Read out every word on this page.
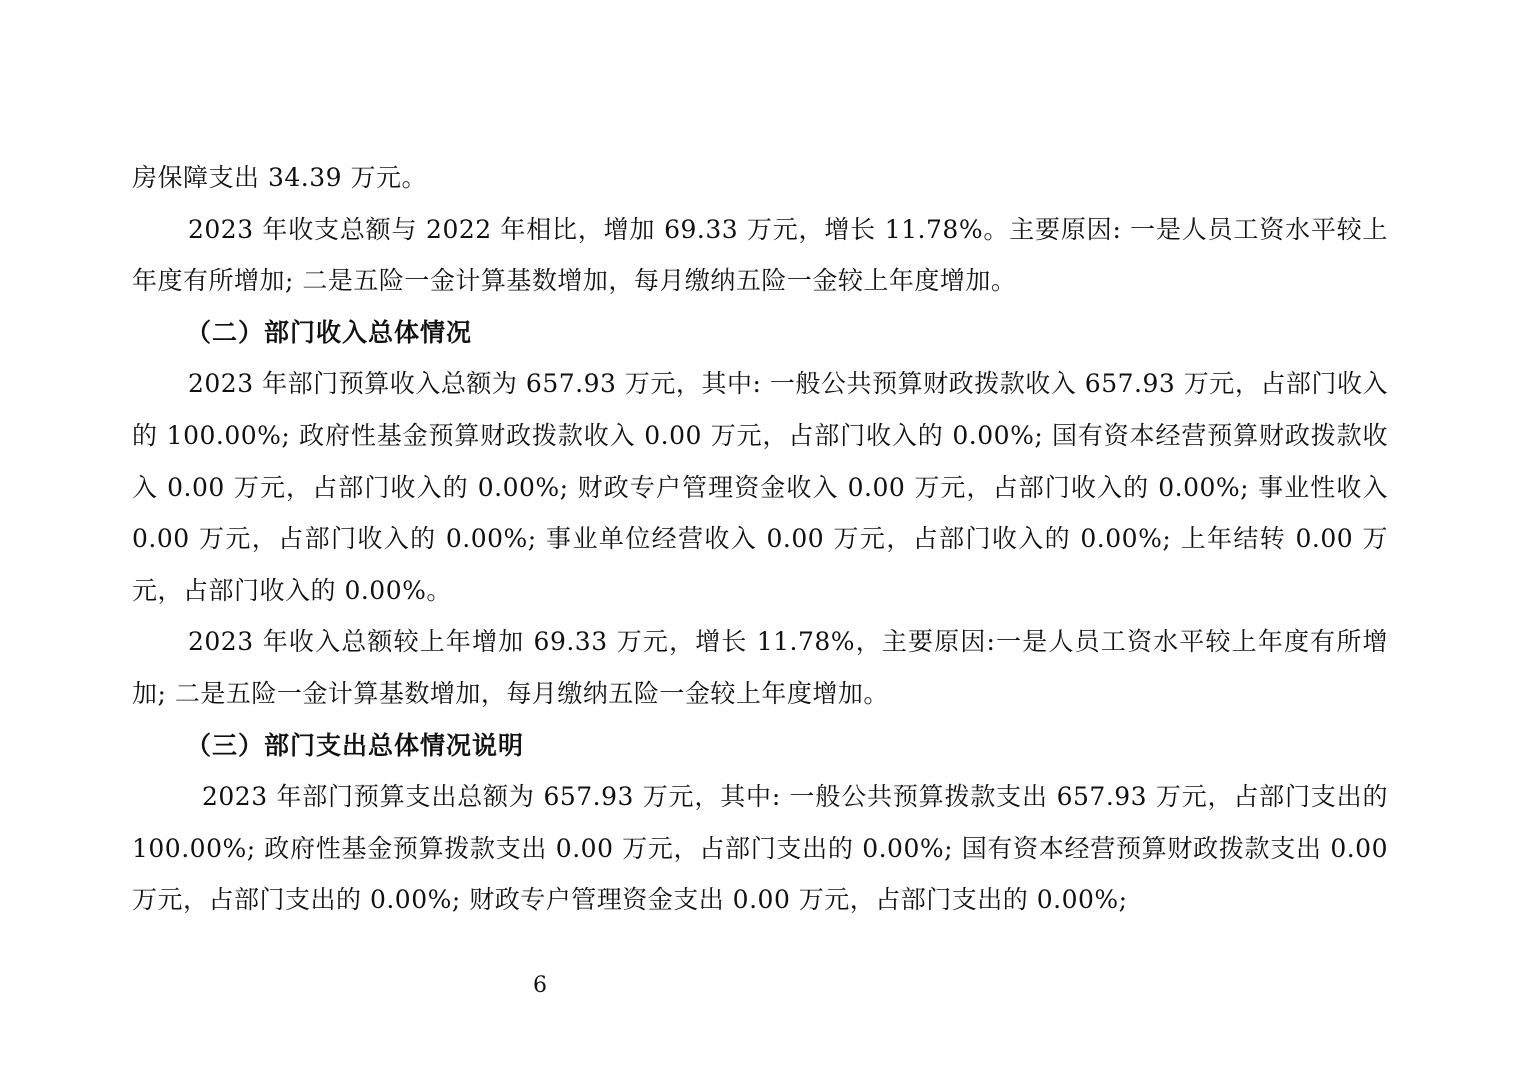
房保障支出 34.39 万元。

2023 年收支总额与 2022 年相比，增加 69.33 万元，增长 11.78%。主要原因: 一是人员工资水平较上年度有所增加; 二是五险一金计算基数增加，每月缴纳五险一金较上年度增加。

（二）部门收入总体情况

2023 年部门预算收入总额为 657.93 万元，其中: 一般公共预算财政拨款收入 657.93 万元，占部门收入的 100.00%; 政府性基金预算财政拨款收入 0.00 万元，占部门收入的 0.00%; 国有资本经营预算财政拨款收入 0.00 万元，占部门收入的 0.00%; 财政专户管理资金收入 0.00 万元，占部门收入的 0.00%; 事业性收入 0.00 万元，占部门收入的 0.00%; 事业单位经营收入 0.00 万元，占部门收入的 0.00%; 上年结转 0.00 万元，占部门收入的 0.00%。

2023 年收入总额较上年增加 69.33 万元，增长 11.78%，主要原因:一是人员工资水平较上年度有所增加; 二是五险一金计算基数增加，每月缴纳五险一金较上年度增加。

（三）部门支出总体情况说明

2023 年部门预算支出总额为 657.93 万元，其中: 一般公共预算拨款支出 657.93 万元，占部门支出的 100.00%; 政府性基金预算拨款支出 0.00 万元，占部门支出的 0.00%; 国有资本经营预算财政拨款支出 0.00 万元，占部门支出的 0.00%; 财政专户管理资金支出 0.00 万元，占部门支出的 0.00%;

6
